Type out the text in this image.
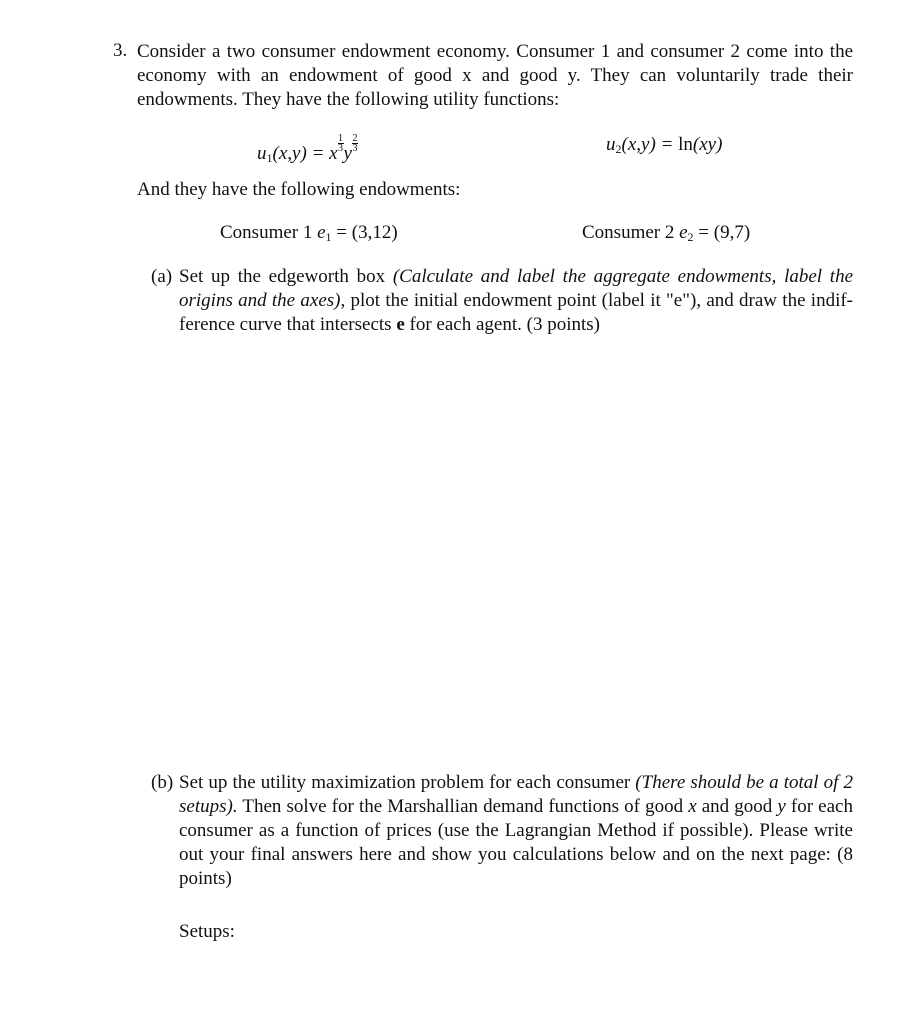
3. Consider a two consumer endowment economy. Consumer 1 and consumer 2 come into the economy with an endowment of good x and good y. They can voluntarily trade their endowments. They have the following utility functions:
$u_1(x,y) = x \frac{1}{3}$ y $\frac{2}{3}$	$u_2(x,y) = \ln(xy)$
And they have the following endowments:
Consumer 1 $e_1 = (3,12)$	Consumer 2 $e_2 = (9,7)$
(a) Set up the edgeworth box (Calculate and label the aggregate endowments, label the origins and the axes), plot the initial endowment point (label it "e"), and draw the indif-ference curve that intersects e for each agent. (3 points)
(b) Set up the utility maximization problem for each consumer (There should be a total of 2 setups). Then solve for the Marshallian demand functions of good x and good y for each consumer as a function of prices (use the Lagrangian Method if possible). Please write out your final answers here and show you calculations below and on the next page: (8 points)
Setups:
